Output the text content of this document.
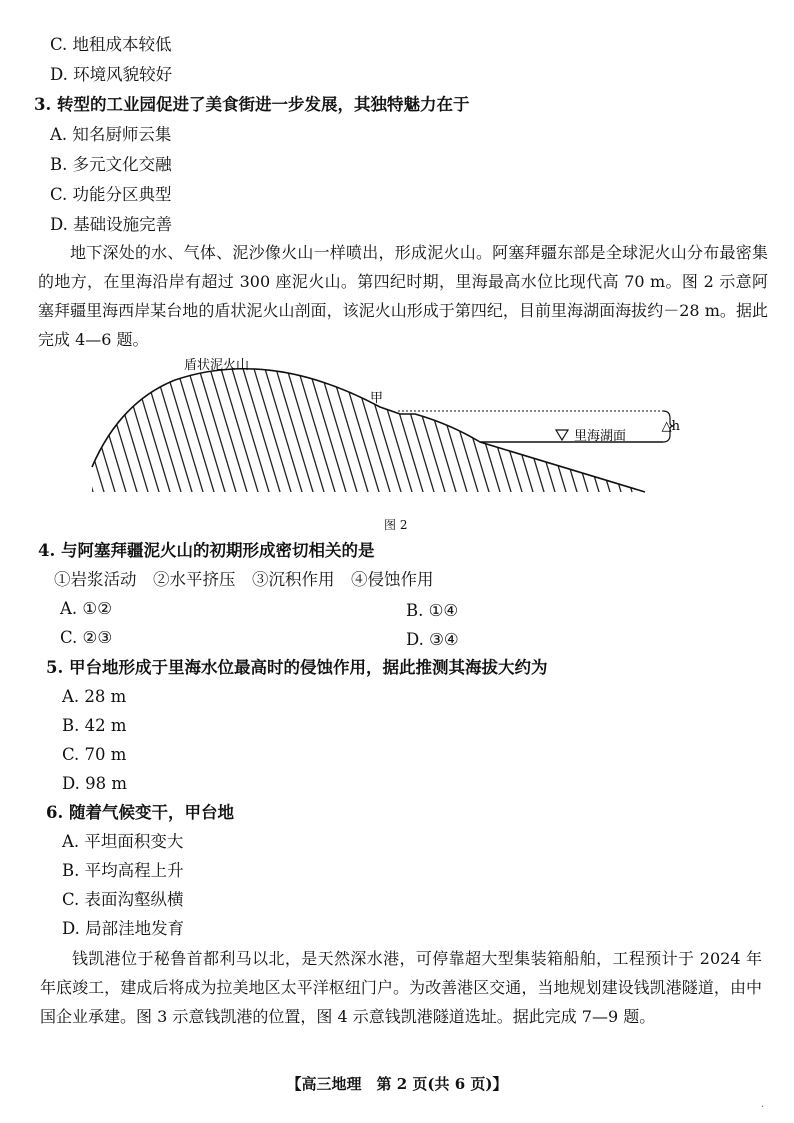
C. 地租成本较低
D. 环境风貌较好
3. 转型的工业园促进了美食街进一步发展，其独特魅力在于
A. 知名厨师云集
B. 多元文化交融
C. 功能分区典型
D. 基础设施完善
地下深处的水、气体、泥沙像火山一样喷出，形成泥火山。阿塞拜疆东部是全球泥火山分布最密集的地方，在里海沿岸有超过 300 座泥火山。第四纪时期，里海最高水位比现代高 70 m。图 2 示意阿塞拜疆里海西岸某台地的盾状泥火山剖面，该泥火山形成于第四纪，目前里海湖面海拔约－28 m。据此完成 4—6 题。
盾状泥火山
甲
里海湖面
△h
图 2
4. 与阿塞拜疆泥火山的初期形成密切相关的是
①岩浆活动　②水平挤压　③沉积作用　④侵蚀作用
A. ①②	B. ①④
C. ②③	D. ③④
5. 甲台地形成于里海水位最高时的侵蚀作用，据此推测其海拔大约为
A. 28 m
B. 42 m
C. 70 m
D. 98 m
6. 随着气候变干，甲台地
A. 平坦面积变大
B. 平均高程上升
C. 表面沟壑纵横
D. 局部洼地发育
钱凯港位于秘鲁首都利马以北，是天然深水港，可停靠超大型集装箱船舶，工程预计于 2024 年年底竣工，建成后将成为拉美地区太平洋枢纽门户。为改善港区交通，当地规划建设钱凯港隧道，由中国企业承建。图 3 示意钱凯港的位置，图 4 示意钱凯港隧道选址。据此完成 7—9 题。
【高三地理　第 2 页(共 6 页)】
·
